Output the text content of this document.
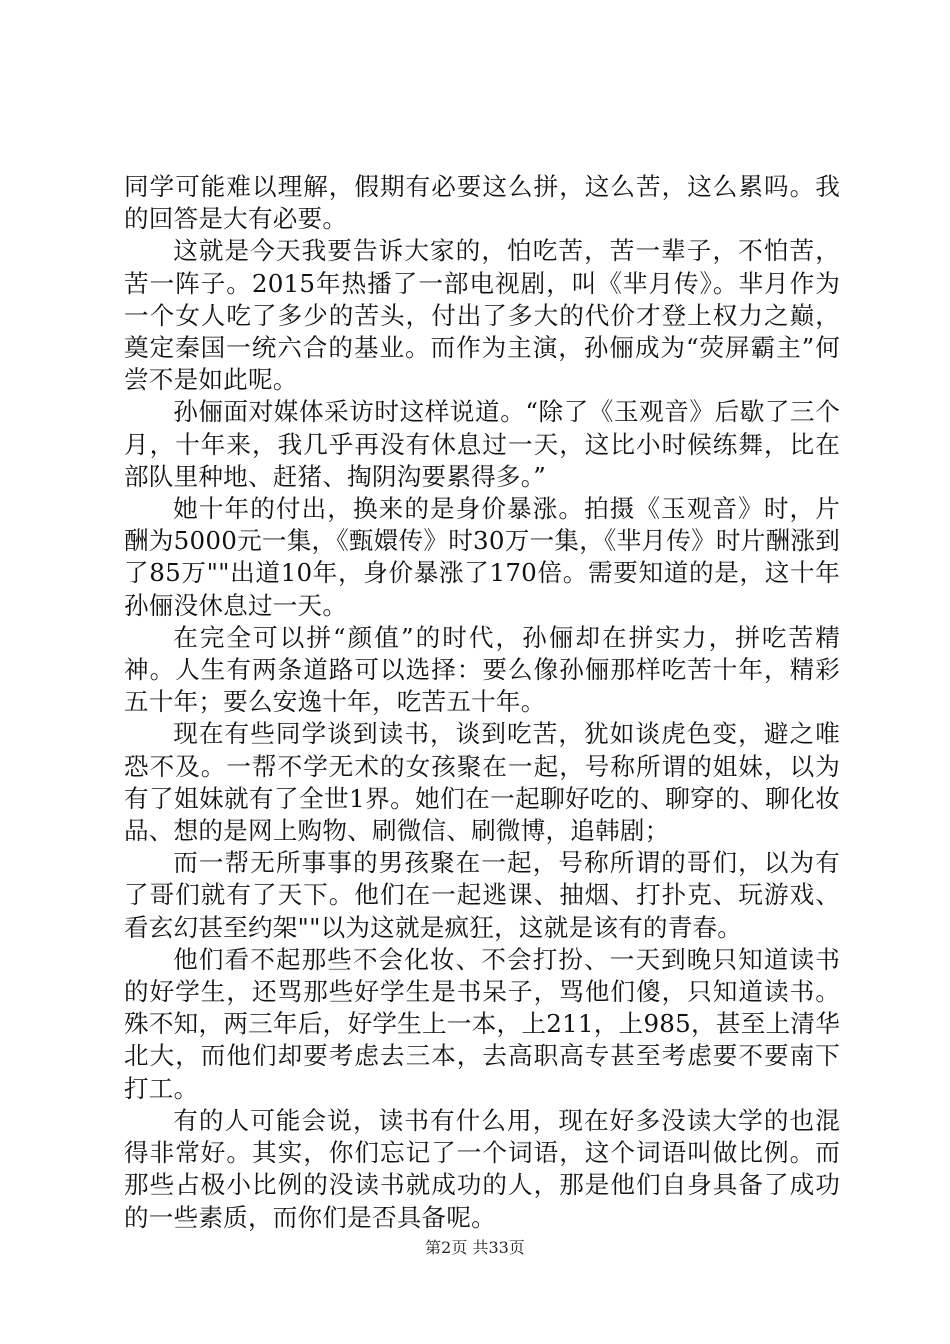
同学可能难以理解，假期有必要这么拼，这么苦，这么累吗。我的回答是大有必要。

这就是今天我要告诉大家的，怕吃苦，苦一辈子，不怕苦，苦一阵子。2015年热播了一部电视剧，叫《芈月传》。芈月作为一个女人吃了多少的苦头，付出了多大的代价才登上权力之巅，奠定秦国一统六合的基业。而作为主演，孙俪成为“荧屏霸主”何尝不是如此呢。

孙俪面对媒体采访时这样说道。“除了《玉观音》后歇了三个月，十年来，我几乎再没有休息过一天，这比小时候练舞，比在部队里种地、赶猪、掏阴沟要累得多。”

她十年的付出，换来的是身价暴涨。拍摄《玉观音》时，片酬为5000元一集，《甄嬛传》时30万一集，《芈月传》时片酬涨到了85万""出道10年，身价暴涨了170倍。需要知道的是，这十年孙俪没休息过一天。

在完全可以拼“颜值”的时代，孙俪却在拼实力，拼吃苦精神。人生有两条道路可以选择：要么像孙俪那样吃苦十年，精彩五十年；要么安逸十年，吃苦五十年。

现在有些同学谈到读书，谈到吃苦，犹如谈虎色变，避之唯恐不及。一帮不学无术的女孩聚在一起，号称所谓的姐妹，以为有了姐妹就有了全世1界。她们在一起聊好吃的、聊穿的、聊化妆品、想的是网上购物、刷微信、刷微博，追韩剧；

而一帮无所事事的男孩聚在一起，号称所谓的哥们，以为有了哥们就有了天下。他们在一起逃课、抽烟、打扑克、玩游戏、看玄幻甚至约架""以为这就是疯狂，这就是该有的青春。

他们看不起那些不会化妆、不会打扮、一天到晚只知道读书的好学生，还骂那些好学生是书呆子，骂他们傻，只知道读书。殊不知，两三年后，好学生上一本，上211，上985，甚至上清华北大，而他们却要考虑去三本，去高职高专甚至考虑要不要南下打工。

有的人可能会说，读书有什么用，现在好多没读大学的也混得非常好。其实，你们忘记了一个词语，这个词语叫做比例。而那些占极小比例的没读书就成功的人，那是他们自身具备了成功的一些素质，而你们是否具备呢。

第2页 共33页
